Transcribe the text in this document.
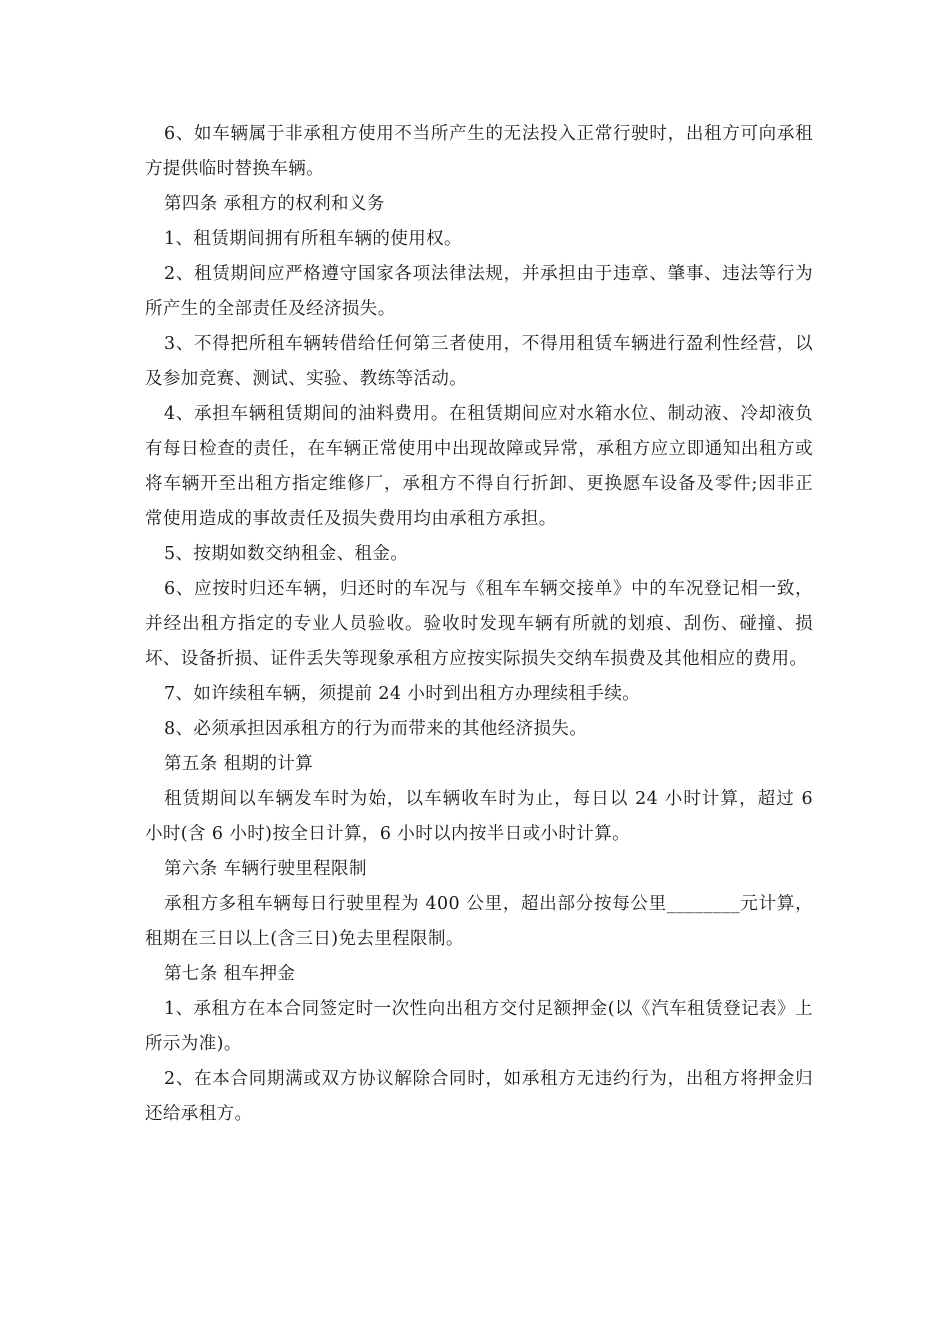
6、如车辆属于非承租方使用不当所产生的无法投入正常行驶时，出租方可向承租方提供临时替换车辆。

第四条 承租方的权利和义务

1、租赁期间拥有所租车辆的使用权。

2、租赁期间应严格遵守国家各项法律法规，并承担由于违章、肇事、违法等行为所产生的全部责任及经济损失。

3、不得把所租车辆转借给任何第三者使用，不得用租赁车辆进行盈利性经营，以及参加竞赛、测试、实验、教练等活动。

4、承担车辆租赁期间的油料费用。在租赁期间应对水箱水位、制动液、冷却液负有每日检查的责任，在车辆正常使用中出现故障或异常，承租方应立即通知出租方或将车辆开至出租方指定维修厂，承租方不得自行折卸、更换愿车设备及零件;因非正常使用造成的事故责任及损失费用均由承租方承担。

5、按期如数交纳租金、租金。

6、应按时归还车辆，归还时的车况与《租车车辆交接单》中的车况登记相一致，并经出租方指定的专业人员验收。验收时发现车辆有所就的划痕、刮伤、碰撞、损坏、设备折损、证件丢失等现象承租方应按实际损失交纳车损费及其他相应的费用。

7、如许续租车辆，须提前 24 小时到出租方办理续租手续。

8、必须承担因承租方的行为而带来的其他经济损失。

第五条 租期的计算

租赁期间以车辆发车时为始，以车辆收车时为止，每日以 24 小时计算，超过 6 小时(含 6 小时)按全日计算，6 小时以内按半日或小时计算。

第六条 车辆行驶里程限制

承租方多租车辆每日行驶里程为 400 公里，超出部分按每公里________元计算，租期在三日以上(含三日)免去里程限制。

第七条 租车押金

1、承租方在本合同签定时一次性向出租方交付足额押金(以《汽车租赁登记表》上所示为准)。

2、在本合同期满或双方协议解除合同时，如承租方无违约行为，出租方将押金归还给承租方。
